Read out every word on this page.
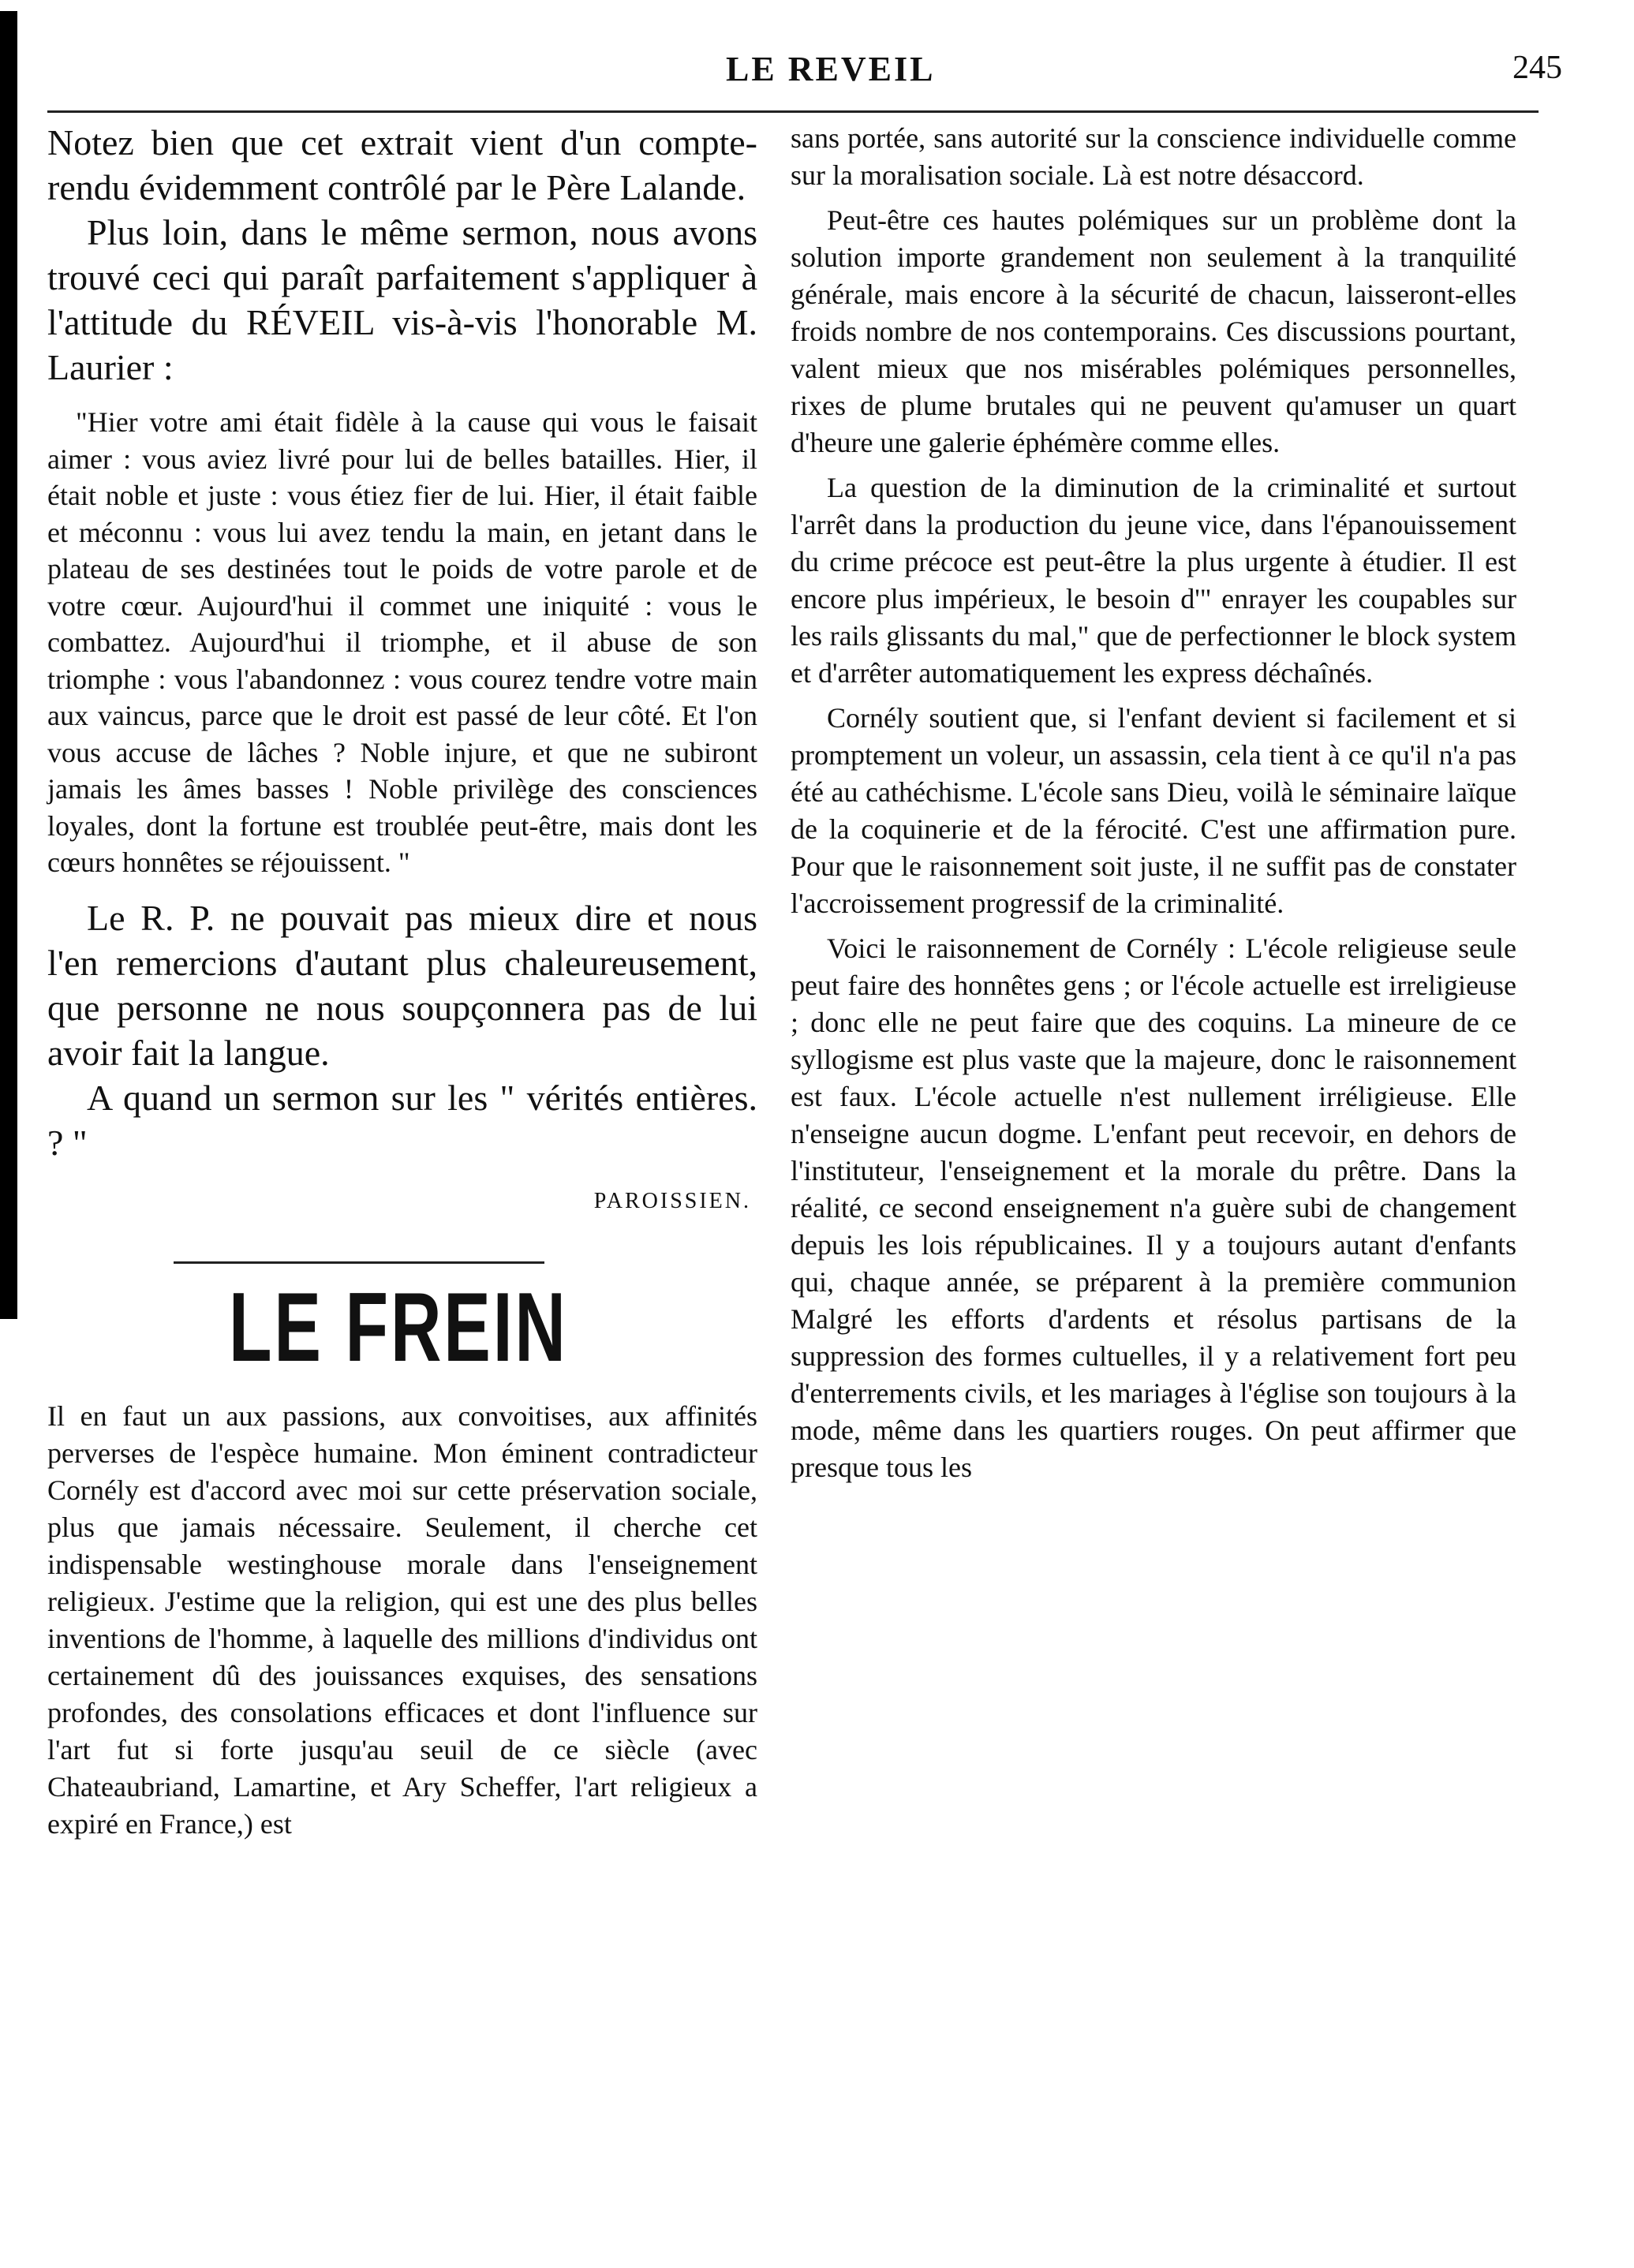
LE REVEIL	245

Notez bien que cet extrait vient d'un compte-rendu évidemment contrôlé par le Père Lalande.

Plus loin, dans le même sermon, nous avons trouvé ceci qui paraît parfaitement s'appliquer à l'attitude du RÉVEIL vis-à-vis l'honorable M. Laurier :

"Hier votre ami était fidèle à la cause qui vous le faisait aimer : vous aviez livré pour lui de belles batailles. Hier, il était noble et juste : vous étiez fier de lui. Hier, il était faible et méconnu : vous lui avez tendu la main, en jetant dans le plateau de ses destinées tout le poids de votre parole et de votre cœur. Aujourd'hui il commet une iniquité : vous le combattez. Aujourd'hui il triomphe, et il abuse de son triomphe : vous l'abandonnez : vous courez tendre votre main aux vaincus, parce que le droit est passé de leur côté. Et l'on vous accuse de lâches ? Noble injure, et que ne subiront jamais les âmes basses ! Noble privilège des consciences loyales, dont la fortune est troublée peut-être, mais dont les cœurs honnêtes se réjouissent. "

Le R. P. ne pouvait pas mieux dire et nous l'en remercions d'autant plus chaleureusement, que personne ne nous soupçonnera pas de lui avoir fait la langue.

A quand un sermon sur les " vérités entières. ? "

PAROISSIEN.

LE FREIN

Il en faut un aux passions, aux convoitises, aux affinités perverses de l'espèce humaine. Mon éminent contradicteur Cornély est d'accord avec moi sur cette préservation sociale, plus que jamais nécessaire. Seulement, il cherche cet indispensable westinghouse morale dans l'enseignement religieux. J'estime que la religion, qui est une des plus belles inventions de l'homme, à laquelle des millions d'individus ont certainement dû des jouissances exquises, des sensations profondes, des consolations efficaces et dont l'influence sur l'art fut si forte jusqu'au seuil de ce siècle (avec Chateaubriand, Lamartine, et Ary Scheffer, l'art religieux a expiré en France,) est

sans portée, sans autorité sur la conscience individuelle comme sur la moralisation sociale. Là est notre désaccord.

Peut-être ces hautes polémiques sur un problème dont la solution importe grandement non seulement à la tranquilité générale, mais encore à la sécurité de chacun, laisseront-elles froids nombre de nos contemporains. Ces discussions pourtant, valent mieux que nos misérables polémiques personnelles, rixes de plume brutales qui ne peuvent qu'amuser un quart d'heure une galerie éphémère comme elles.

La question de la diminution de la criminalité et surtout l'arrêt dans la production du jeune vice, dans l'épanouissement du crime précoce est peut-être la plus urgente à étudier. Il est encore plus impérieux, le besoin d'" enrayer les coupables sur les rails glissants du mal," que de perfectionner le block system et d'arrêter automatiquement les express déchaînés.

Cornély soutient que, si l'enfant devient si facilement et si promptement un voleur, un assassin, cela tient à ce qu'il n'a pas été au cathéchisme. L'école sans Dieu, voilà le séminaire laïque de la coquinerie et de la férocité. C'est une affirmation pure. Pour que le raisonnement soit juste, il ne suffit pas de constater l'accroissement progressif de la criminalité.

Voici le raisonnement de Cornély : L'école religieuse seule peut faire des honnêtes gens ; or l'école actuelle est irreligieuse ; donc elle ne peut faire que des coquins. La mineure de ce syllogisme est plus vaste que la majeure, donc le raisonnement est faux. L'école actuelle n'est nullement irréligieuse. Elle n'enseigne aucun dogme. L'enfant peut recevoir, en dehors de l'instituteur, l'enseignement et la morale du prêtre. Dans la réalité, ce second enseignement n'a guère subi de changement depuis les lois républicaines. Il y a toujours autant d'enfants qui, chaque année, se préparent à la première communion Malgré les efforts d'ardents et résolus partisans de la suppression des formes cultuelles, il y a relativement fort peu d'enterrements civils, et les mariages à l'église son toujours à la mode, même dans les quartiers rouges. On peut affirmer que presque tous les
